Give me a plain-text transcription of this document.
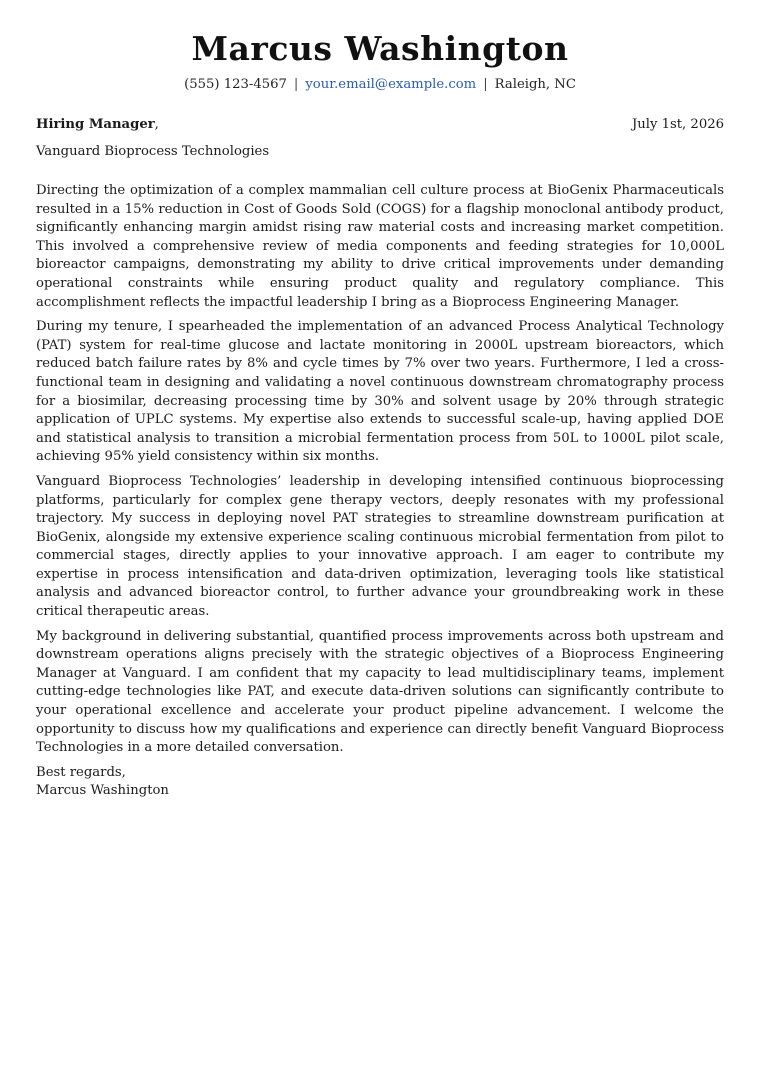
Marcus Washington
(555) 123-4567 | your.email@example.com | Raleigh, NC
Hiring Manager,	July 1st, 2026
Vanguard Bioprocess Technologies

Directing the optimization of a complex mammalian cell culture process at BioGenix Pharmaceuticals resulted in a 15% reduction in Cost of Goods Sold (COGS) for a flagship monoclonal antibody product, significantly enhancing margin amidst rising raw material costs and increasing market competition. This involved a comprehensive review of media components and feeding strategies for 10,000L bioreactor campaigns, demonstrating my ability to drive critical improvements under demanding operational constraints while ensuring product quality and regulatory compliance. This accomplishment reflects the impactful leadership I bring as a Bioprocess Engineering Manager.

During my tenure, I spearheaded the implementation of an advanced Process Analytical Technology (PAT) system for real-time glucose and lactate monitoring in 2000L upstream bioreactors, which reduced batch failure rates by 8% and cycle times by 7% over two years. Furthermore, I led a cross-functional team in designing and validating a novel continuous downstream chromatography process for a biosimilar, decreasing processing time by 30% and solvent usage by 20% through strategic application of UPLC systems. My expertise also extends to successful scale-up, having applied DOE and statistical analysis to transition a microbial fermentation process from 50L to 1000L pilot scale, achieving 95% yield consistency within six months.

Vanguard Bioprocess Technologies’ leadership in developing intensified continuous bioprocessing platforms, particularly for complex gene therapy vectors, deeply resonates with my professional trajectory. My success in deploying novel PAT strategies to streamline downstream purification at BioGenix, alongside my extensive experience scaling continuous microbial fermentation from pilot to commercial stages, directly applies to your innovative approach. I am eager to contribute my expertise in process intensification and data-driven optimization, leveraging tools like statistical analysis and advanced bioreactor control, to further advance your groundbreaking work in these critical therapeutic areas.

My background in delivering substantial, quantified process improvements across both upstream and downstream operations aligns precisely with the strategic objectives of a Bioprocess Engineering Manager at Vanguard. I am confident that my capacity to lead multidisciplinary teams, implement cutting-edge technologies like PAT, and execute data-driven solutions can significantly contribute to your operational excellence and accelerate your product pipeline advancement. I welcome the opportunity to discuss how my qualifications and experience can directly benefit Vanguard Bioprocess Technologies in a more detailed conversation.

Best regards,
Marcus Washington
